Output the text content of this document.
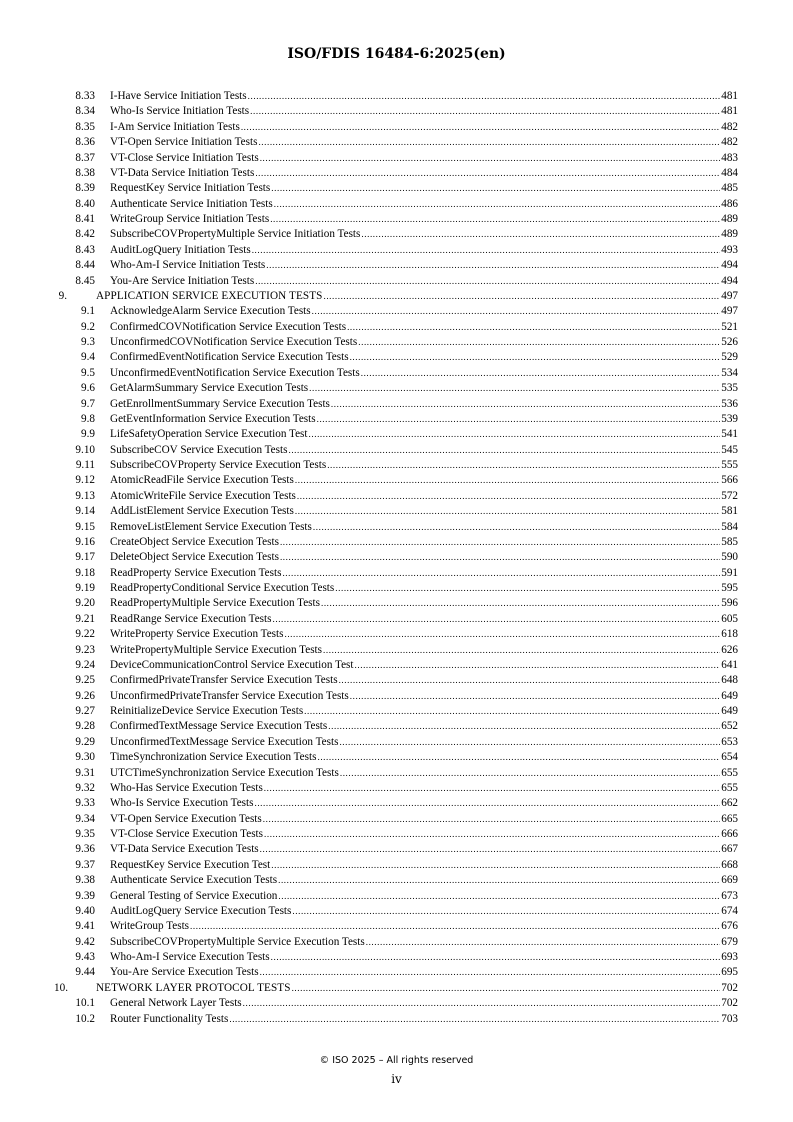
ISO/FDIS 16484-6:2025(en)
8.33 I-Have Service Initiation Tests .....	481
8.34 Who-Is Service Initiation Tests .....	481
8.35 I-Am Service Initiation Tests .....	482
8.36 VT-Open Service Initiation Tests .....	482
8.37 VT-Close Service Initiation Tests .....	483
8.38 VT-Data Service Initiation Tests .....	484
8.39 RequestKey Service Initiation Tests .....	485
8.40 Authenticate Service Initiation Tests .....	486
8.41 WriteGroup Service Initiation Tests .....	489
8.42 SubscribeCOVPropertyMultiple Service Initiation Tests .....	489
8.43 AuditLogQuery Initiation Tests .....	493
8.44 Who-Am-I Service Initiation Tests .....	494
8.45 You-Are Service Initiation Tests .....	494
9.	APPLICATION SERVICE EXECUTION TESTS .....	497
9.1 AcknowledgeAlarm Service Execution Tests .....	497
9.2 ConfirmedCOVNotification Service Execution Tests .....	521
9.3 UnconfirmedCOVNotification Service Execution Tests .....	526
9.4 ConfirmedEventNotification Service Execution Tests .....	529
9.5 UnconfirmedEventNotification Service Execution Tests .....	534
9.6 GetAlarmSummary Service Execution Tests .....	535
9.7 GetEnrollmentSummary Service Execution Tests .....	536
9.8 GetEventInformation Service Execution Tests .....	539
9.9 LifeSafetyOperation Service Execution Test .....	541
9.10 SubscribeCOV Service Execution Tests .....	545
9.11 SubscribeCOVProperty Service Execution Tests .....	555
9.12 AtomicReadFile Service Execution Tests .....	566
9.13 AtomicWriteFile Service Execution Tests .....	572
9.14 AddListElement Service Execution Tests .....	581
9.15 RemoveListElement Service Execution Tests .....	584
9.16 CreateObject Service Execution Tests .....	585
9.17 DeleteObject Service Execution Tests .....	590
9.18 ReadProperty Service Execution Tests .....	591
9.19 ReadPropertyConditional Service Execution Tests .....	595
9.20 ReadPropertyMultiple Service Execution Tests .....	596
9.21 ReadRange Service Execution Tests .....	605
9.22 WriteProperty Service Execution Tests .....	618
9.23 WritePropertyMultiple Service Execution Tests .....	626
9.24 DeviceCommunicationControl Service Execution Test .....	641
9.25 ConfirmedPrivateTransfer Service Execution Tests .....	648
9.26 UnconfirmedPrivateTransfer Service Execution Tests .....	649
9.27 ReinitializeDevice Service Execution Tests .....	649
9.28 ConfirmedTextMessage Service Execution Tests .....	652
9.29 UnconfirmedTextMessage Service Execution Tests .....	653
9.30 TimeSynchronization Service Execution Tests .....	654
9.31 UTCTimeSynchronization Service Execution Tests .....	655
9.32 Who-Has Service Execution Tests .....	655
9.33 Who-Is Service Execution Tests .....	662
9.34 VT-Open Service Execution Tests .....	665
9.35 VT-Close Service Execution Tests .....	666
9.36 VT-Data Service Execution Tests .....	667
9.37 RequestKey Service Execution Test .....	668
9.38 Authenticate Service Execution Tests .....	669
9.39 General Testing of Service Execution .....	673
9.40 AuditLogQuery Service Execution Tests .....	674
9.41 WriteGroup Tests .....	676
9.42 SubscribeCOVPropertyMultiple Service Execution Tests .....	679
9.43 Who-Am-I Service Execution Tests .....	693
9.44 You-Are Service Execution Tests .....	695
10.	NETWORK LAYER PROTOCOL TESTS .....	702
10.1 General Network Layer Tests .....	702
10.2 Router Functionality Tests .....	703
© ISO 2025 – All rights reserved
iv
